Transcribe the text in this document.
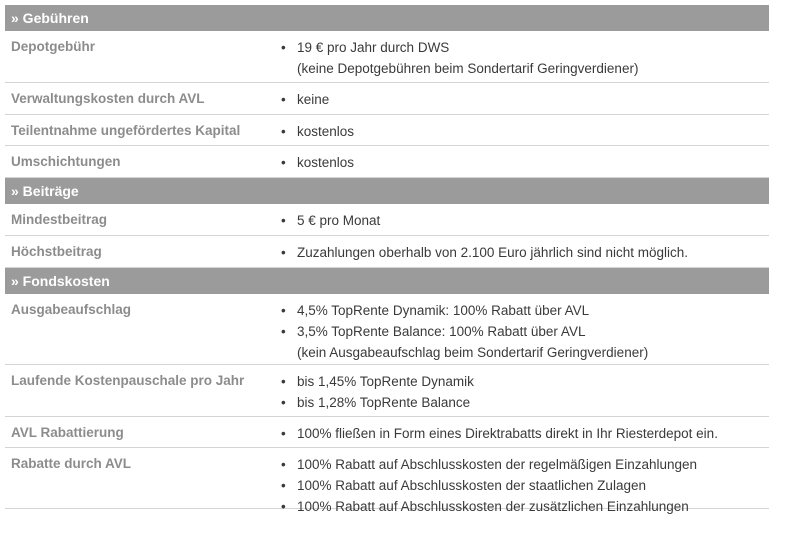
» Gebühren
Depotgebühr	• 19 € pro Jahr durch DWS
(keine Depotgebühren beim Sondertarif Geringverdiener)
Verwaltungskosten durch AVL	• keine
Teilentnahme ungefördertes Kapital	• kostenlos
Umschichtungen	• kostenlos
» Beiträge
Mindestbeitrag	• 5 € pro Monat
Höchstbeitrag	• Zuzahlungen oberhalb von 2.100 Euro jährlich sind nicht möglich.
» Fondskosten
Ausgabeaufschlag	• 4,5% TopRente Dynamik: 100% Rabatt über AVL
• 3,5% TopRente Balance: 100% Rabatt über AVL
(kein Ausgabeaufschlag beim Sondertarif Geringverdiener)
Laufende Kostenpauschale pro Jahr	• bis 1,45% TopRente Dynamik
• bis 1,28% TopRente Balance
AVL Rabattierung	• 100% fließen in Form eines Direktrabatts direkt in Ihr Riesterdepot ein.
Rabatte durch AVL	• 100% Rabatt auf Abschlusskosten der regelmäßigen Einzahlungen
• 100% Rabatt auf Abschlusskosten der staatlichen Zulagen
• 100% Rabatt auf Abschlusskosten der zusätzlichen Einzahlungen
